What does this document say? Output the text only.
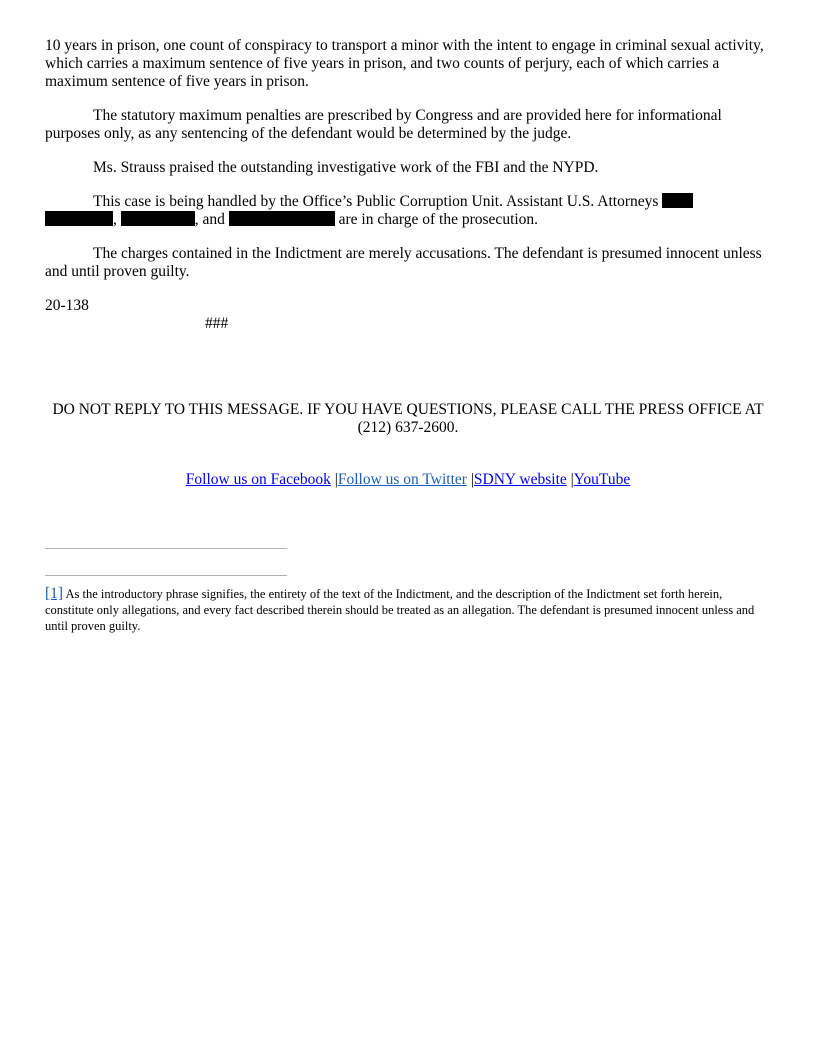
10 years in prison, one count of conspiracy to transport a minor with the intent to engage in criminal sexual activity, which carries a maximum sentence of five years in prison, and two counts of perjury, each of which carries a maximum sentence of five years in prison.

The statutory maximum penalties are prescribed by Congress and are provided here for informational purposes only, as any sentencing of the defendant would be determined by the judge.

Ms. Strauss praised the outstanding investigative work of the FBI and the NYPD.

This case is being handled by the Office’s Public Corruption Unit. Assistant U.S. Attorneys
,	, and	are in charge of the prosecution.

The charges contained in the Indictment are merely accusations. The defendant is presumed innocent unless and until proven guilty.

20-138

###

DO NOT REPLY TO THIS MESSAGE. IF YOU HAVE QUESTIONS, PLEASE CALL THE PRESS OFFICE AT (212) 637-2600.
Follow us on Facebook |Follow us on Twitter |SDNY website |YouTube
[1] As the introductory phrase signifies, the entirety of the text of the Indictment, and the description of the Indictment set forth herein, constitute only allegations, and every fact described therein should be treated as an allegation. The defendant is presumed innocent unless and until proven guilty.
